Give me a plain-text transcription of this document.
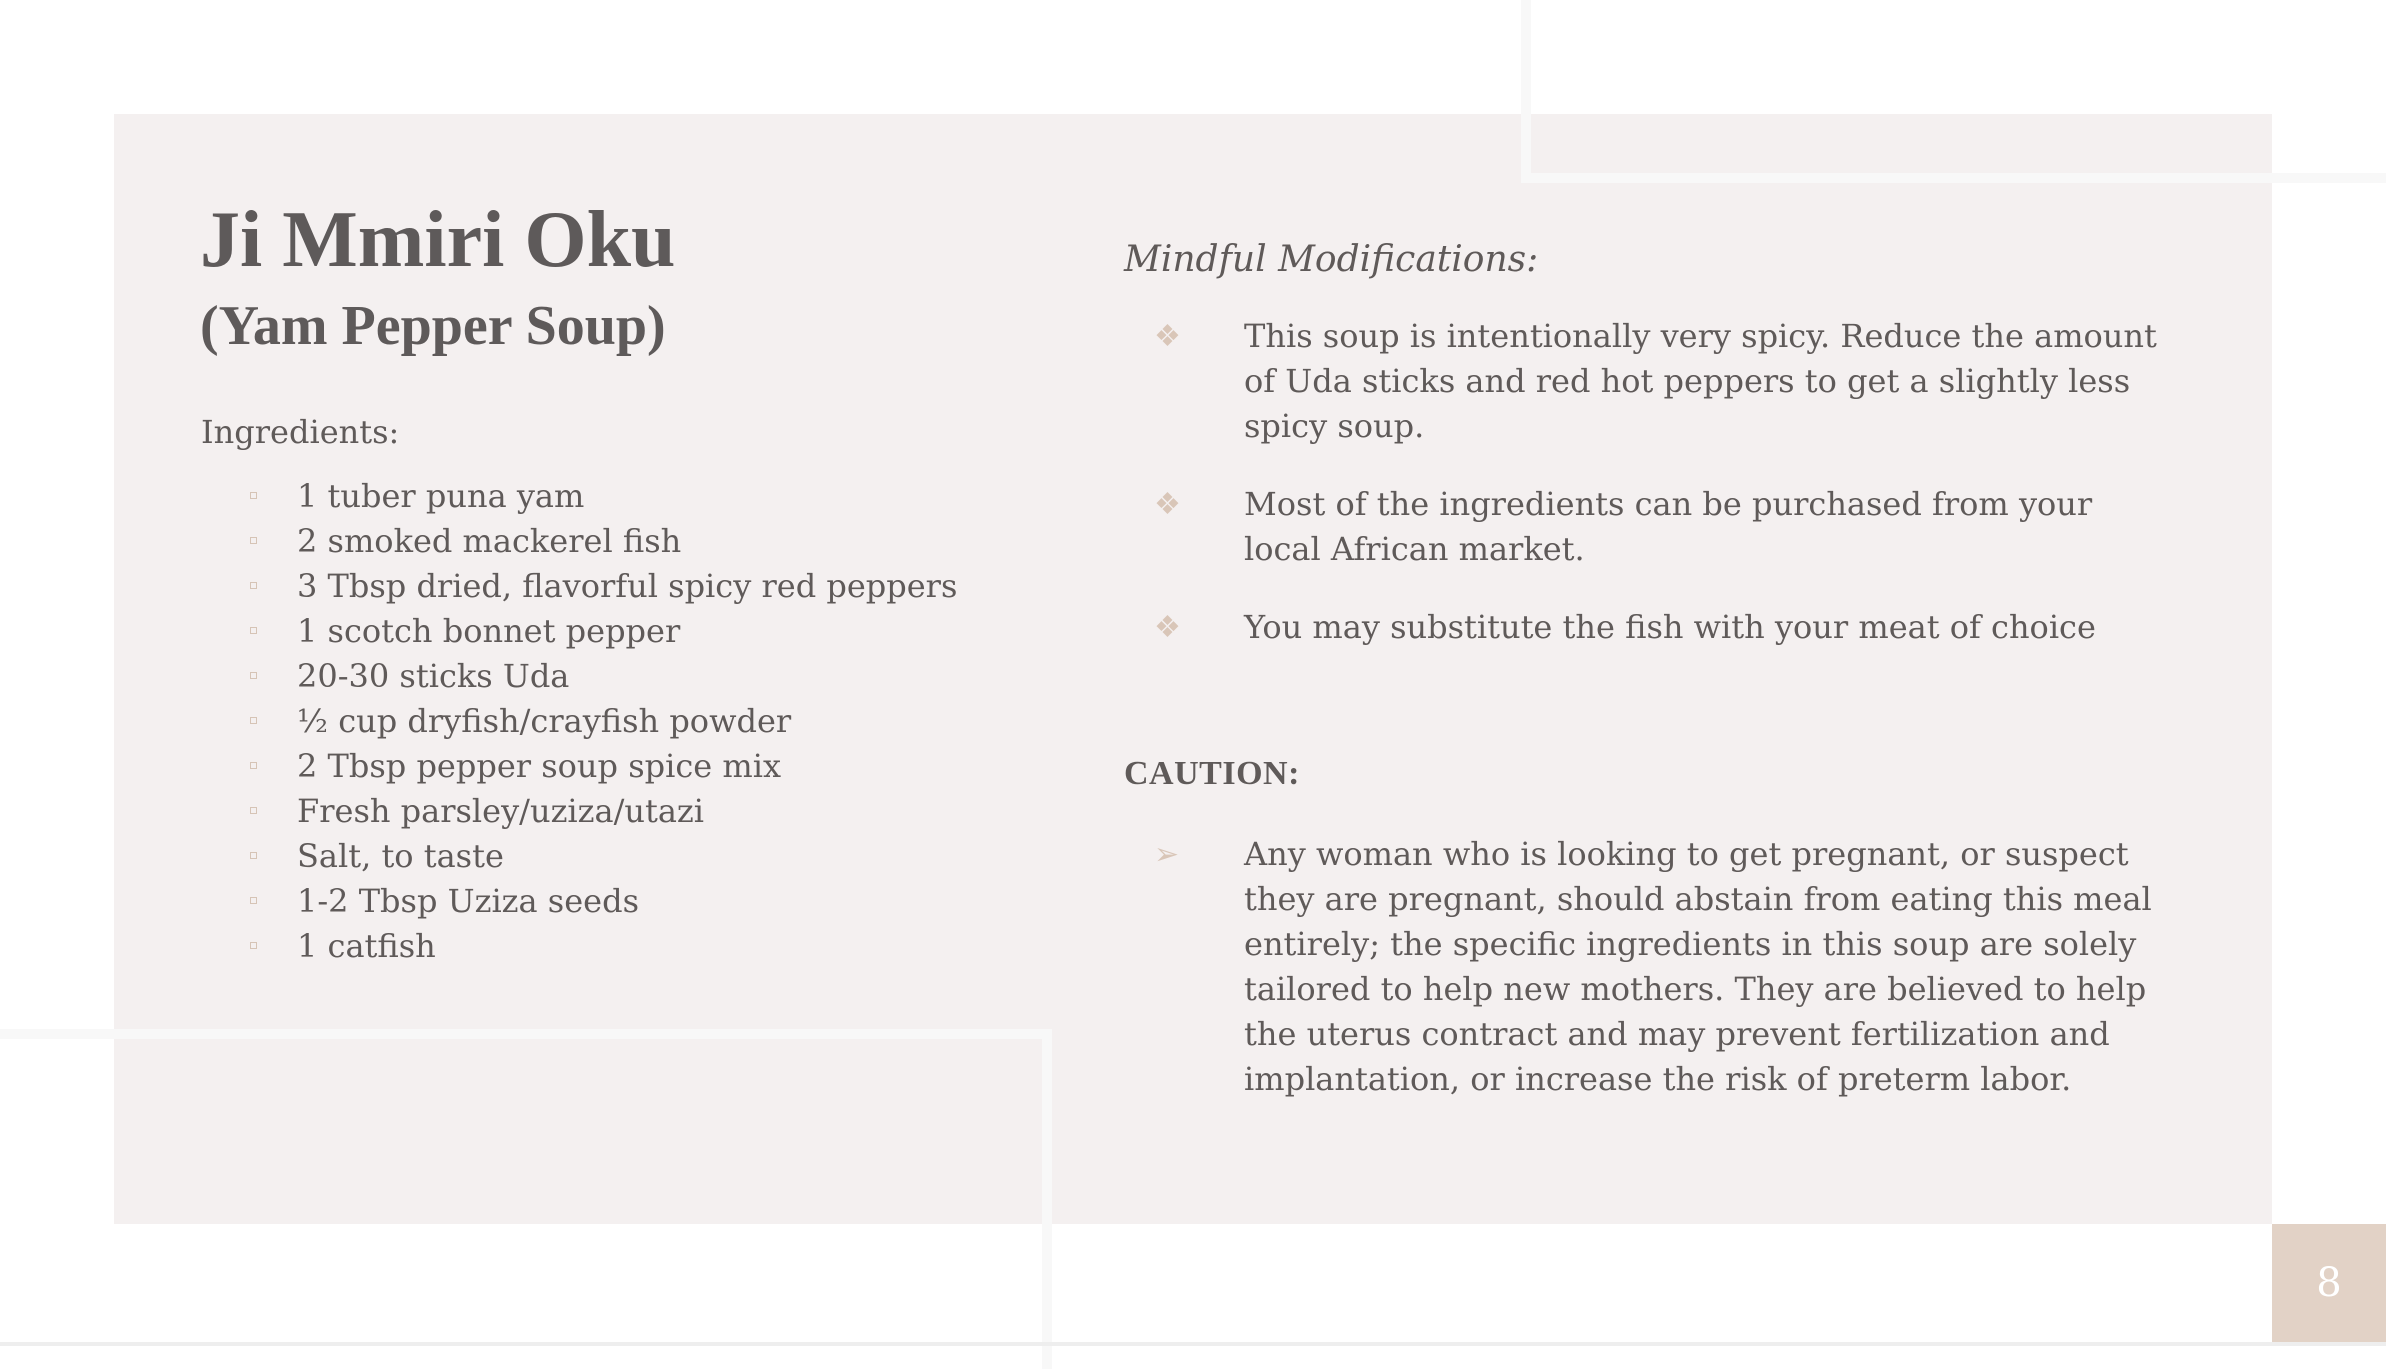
Ji Mmiri Oku
(Yam Pepper Soup)
Ingredients:
1 tuber puna yam
2 smoked mackerel fish
3 Tbsp dried, flavorful spicy red peppers
1 scotch bonnet pepper
20-30 sticks Uda
½ cup dryfish/crayfish powder
2 Tbsp pepper soup spice mix
Fresh parsley/uziza/utazi
Salt, to taste
1-2 Tbsp Uziza seeds
1 catfish
Mindful Modifications:
❖ This soup is intentionally very spicy. Reduce the amount of Uda sticks and red hot peppers to get a slightly less spicy soup.
❖ Most of the ingredients can be purchased from your local African market.
❖ You may substitute the fish with your meat of choice
CAUTION:
➢ Any woman who is looking to get pregnant, or suspect they are pregnant, should abstain from eating this meal entirely; the specific ingredients in this soup are solely tailored to help new mothers. They are believed to help the uterus contract and may prevent fertilization and implantation, or increase the risk of preterm labor.
8
